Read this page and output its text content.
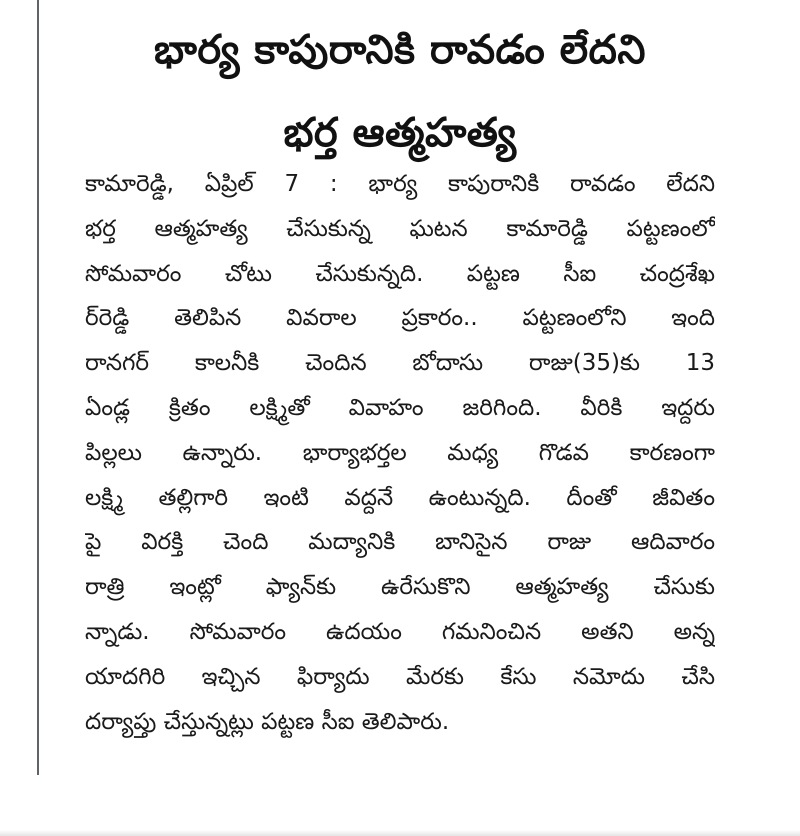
భార్య కాపురానికి రావడం లేదని
భర్త ఆత్మహత్య
కామారెడ్డి, ఏప్రిల్ 7 : భార్య కాపురానికి రావడం లేదని
భర్త ఆత్మహత్య చేసుకున్న ఘటన కామారెడ్డి పట్టణంలో
సోమవారం చోటు చేసుకున్నది. పట్టణ సీఐ చంద్రశేఖ
ర్‌రెడ్డి తెలిపిన వివరాల ప్రకారం.. పట్టణంలోని ఇంది
రానగర్ కాలనీకి చెందిన బోదాసు రాజు(35)కు 13
ఏండ్ల క్రితం లక్ష్మితో వివాహం జరిగింది. వీరికి ఇద్దరు
పిల్లలు ఉన్నారు. భార్యాభర్తల మధ్య గొడవ కారణంగా
లక్ష్మి తల్లిగారి ఇంటి వద్దనే ఉంటున్నది. దీంతో జీవితం
పై విరక్తి చెంది మద్యానికి బానిసైన రాజు ఆదివారం
రాత్రి ఇంట్లో ఫ్యాన్‌కు ఉరేసుకొని ఆత్మహత్య చేసుకు
న్నాడు. సోమవారం ఉదయం గమనించిన అతని అన్న
యాదగిరి ఇచ్చిన ఫిర్యాదు మేరకు కేసు నమోదు చేసి
దర్యాప్తు చేస్తున్నట్లు పట్టణ సీఐ తెలిపారు.
